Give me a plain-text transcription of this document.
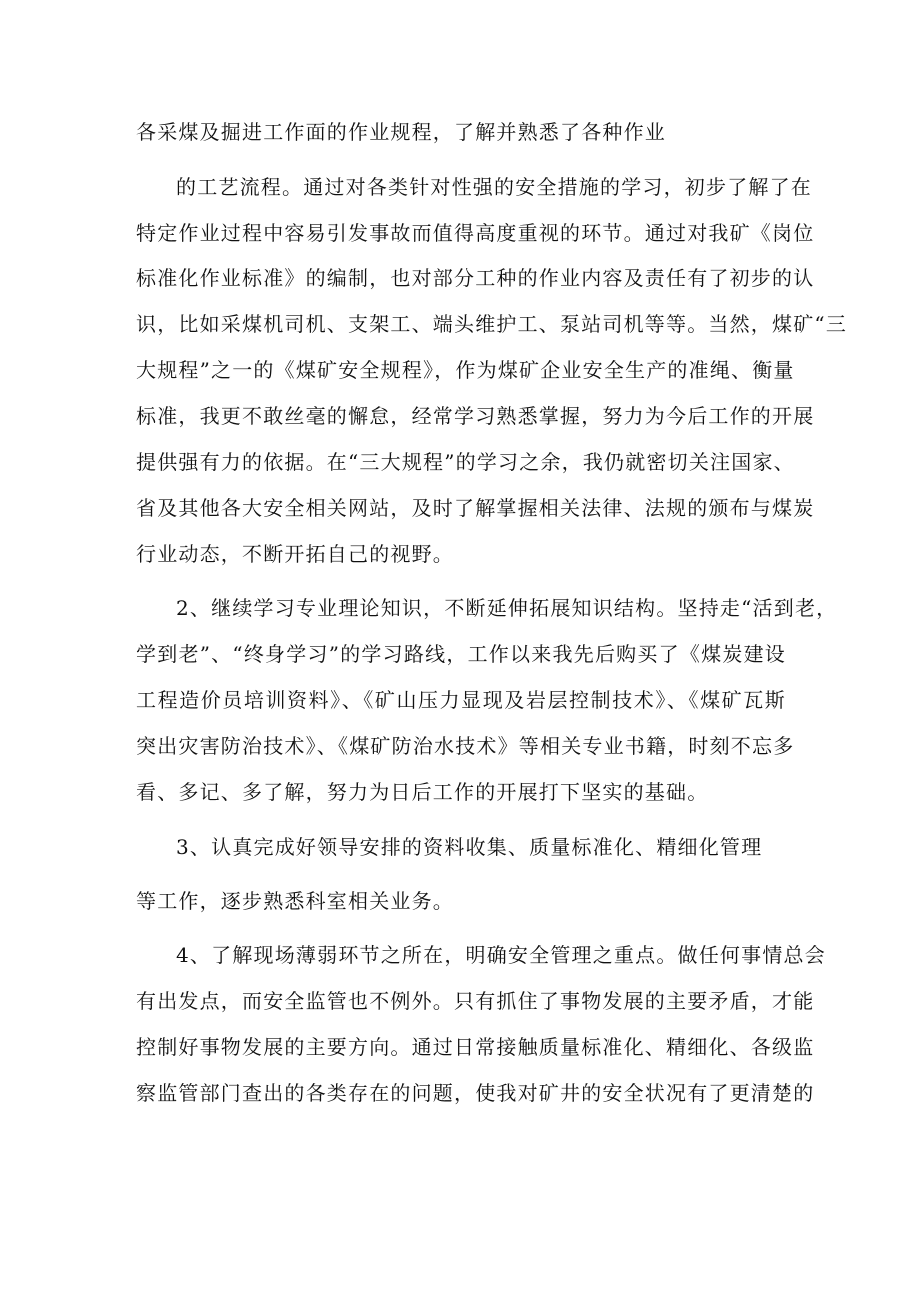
各采煤及掘进工作面的作业规程，了解并熟悉了各种作业
的工艺流程。通过对各类针对性强的安全措施的学习，初步了解了在
特定作业过程中容易引发事故而值得高度重视的环节。通过对我矿《岗位
标准化作业标准》的编制，也对部分工种的作业内容及责任有了初步的认
识，比如采煤机司机、支架工、端头维护工、泵站司机等等。当然，煤矿“三
大规程”之一的《煤矿安全规程》，作为煤矿企业安全生产的准绳、衡量
标准，我更不敢丝毫的懈怠，经常学习熟悉掌握，努力为今后工作的开展
提供强有力的依据。在“三大规程”的学习之余，我仍就密切关注国家、
省及其他各大安全相关网站，及时了解掌握相关法律、法规的颁布与煤炭
行业动态，不断开拓自己的视野。
2、继续学习专业理论知识，不断延伸拓展知识结构。坚持走“活到老，
学到老”、“终身学习”的学习路线，工作以来我先后购买了《煤炭建设
工程造价员培训资料》、《矿山压力显现及岩层控制技术》、《煤矿瓦斯
突出灾害防治技术》、《煤矿防治水技术》等相关专业书籍，时刻不忘多
看、多记、多了解，努力为日后工作的开展打下坚实的基础。
3、认真完成好领导安排的资料收集、质量标准化、精细化管理
等工作，逐步熟悉科室相关业务。
4、了解现场薄弱环节之所在，明确安全管理之重点。做任何事情总会
有出发点，而安全监管也不例外。只有抓住了事物发展的主要矛盾，才能
控制好事物发展的主要方向。通过日常接触质量标准化、精细化、各级监
察监管部门查出的各类存在的问题，使我对矿井的安全状况有了更清楚的
